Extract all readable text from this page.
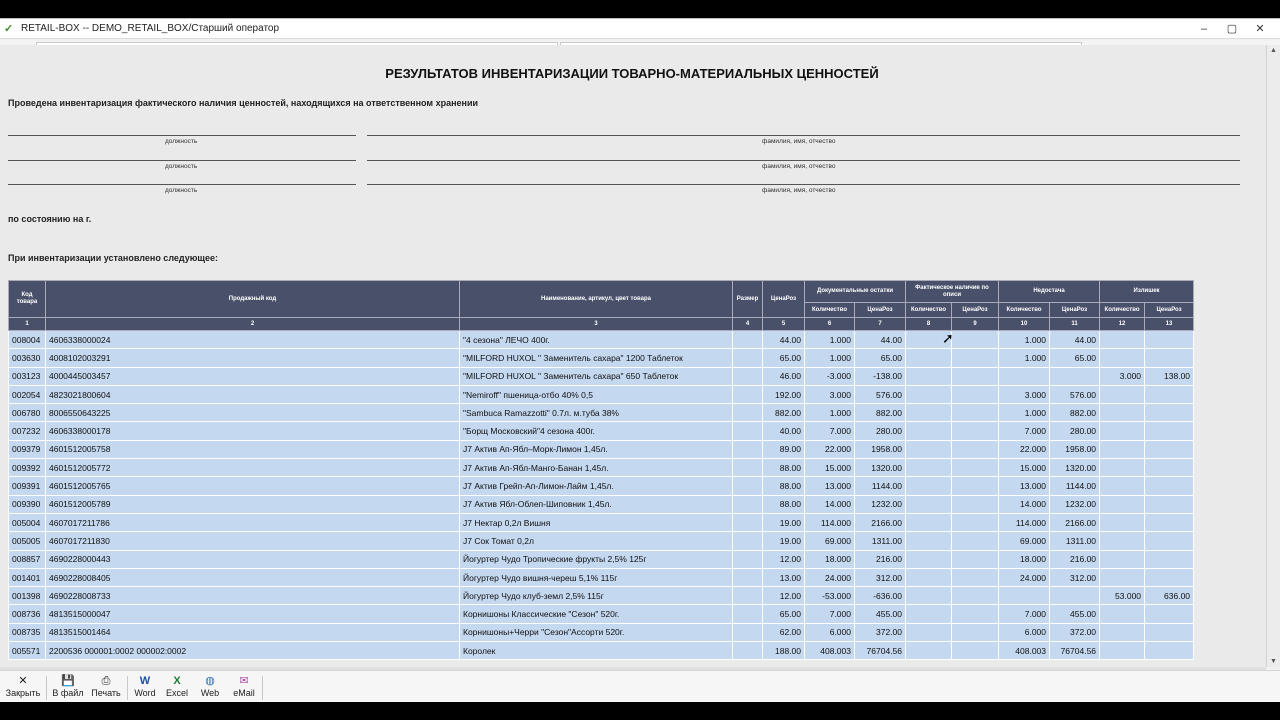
✓ RETAIL-BOX -- DEMO_RETAIL_BOX/Старший оператор	–	▢	✕
РЕЗУЛЬТАТОВ ИНВЕНТАРИЗАЦИИ ТОВАРНО-МАТЕРИАЛЬНЫХ ЦЕННОСТЕЙ
Проведена инвентаризация фактического наличия ценностей, находящихся на ответственном хранении
должность	фамилия, имя, отчество
должность	фамилия, имя, отчество
должность	фамилия, имя, отчество
по состоянию на г.
При инвентаризации установлено следующее:
Код товара	Продажный код	Наименование, артикул, цвет товара	Размер	ЦенаРоз	Документальные остатки		Фактическое наличие по описи		Недостача		Излишек	
					Количество	ЦенаРоз	Количество	ЦенаРоз	Количество	ЦенаРоз	Количество	ЦенаРоз
1	2	3	4	5	6	7	8	9	10	11	12	13
008004	4606338000024	"4 сезона" ЛЕЧО 400г.		44.00	1.000	44.00			1.000	44.00		
003630	4008102003291	"MILFORD HUXOL " Заменитель сахара" 1200 Таблеток		65.00	1.000	65.00			1.000	65.00		
003123	4000445003457	"MILFORD HUXOL " Заменитель сахара" 650 Таблеток		46.00	-3.000	-138.00					3.000	138.00
002054	4823021800604	"Nemiroff" пшеница-отбо 40% 0,5		192.00	3.000	576.00			3.000	576.00		
006780	8006550643225	"Sambuca Ramazzotti" 0.7л. м.туба 38%		882.00	1.000	882.00			1.000	882.00		
007232	4606338000178	"Борщ Московский"4 сезона 400г.		40.00	7.000	280.00			7.000	280.00		
009379	4601512005758	J7 Актив Ап-Ябл–Морк-Лимон 1,45л.		89.00	22.000	1958.00			22.000	1958.00		
009392	4601512005772	J7 Актив Ап-Ябл-Манго-Банан 1,45л.		88.00	15.000	1320.00			15.000	1320.00		
009391	4601512005765	J7 Актив Грейп-Ап-Лимон-Лайм 1,45л.		88.00	13.000	1144.00			13.000	1144.00		
009390	4601512005789	J7 Актив Ябл-Облеп-Шиповник 1,45л.		88.00	14.000	1232.00			14.000	1232.00		
005004	4607017211786	J7 Нектар 0,2л Вишня		19.00	114.000	2166.00			114.000	2166.00		
005005	4607017211830	J7 Сок Томат 0,2л		19.00	69.000	1311.00			69.000	1311.00		
008857	4690228000443	Йогуртер Чудо Тропические фрукты 2,5% 125г		12.00	18.000	216.00			18.000	216.00		
001401	4690228008405	Йогуртер Чудо вишня-череш 5,1% 115г		13.00	24.000	312.00			24.000	312.00		
001398	4690228008733	Йогуртер Чудо клуб-земл 2,5% 115г		12.00	-53.000	-636.00					53.000	636.00
008736	4813515000047	Корнишоны Классические "Сезон" 520г.		65.00	7.000	455.00			7.000	455.00		
008735	4813515001464	Корнишоны+Черри "Сезон"Ассорти 520г.		62.00	6.000	372.00			6.000	372.00		
005571	2200536 000001:0002 000002:0002	Королек		188.00	408.003	76704.56			408.003	76704.56		
▲
▼
➚
✕
Закрыть
💾
В файл
⎙
Печать
W
Word
X
Excel
◍
Web
✉
eMail
